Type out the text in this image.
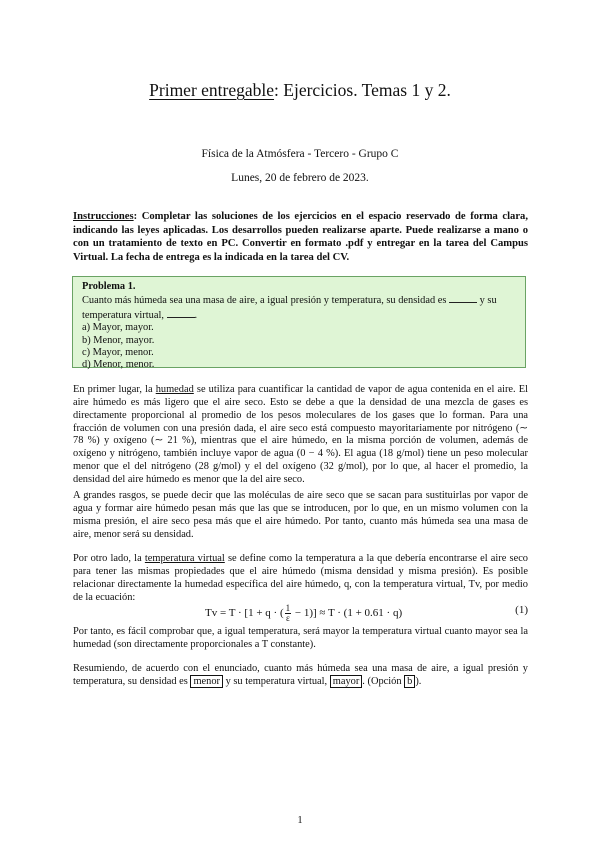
Primer entregable: Ejercicios. Temas 1 y 2.
Física de la Atmósfera - Tercero - Grupo C
Lunes, 20 de febrero de 2023.
Instrucciones: Completar las soluciones de los ejercicios en el espacio reservado de forma clara, indicando las leyes aplicadas. Los desarrollos pueden realizarse aparte. Puede realizarse a mano o con un tratamiento de texto en PC. Convertir en formato .pdf y entregar en la tarea del Campus Virtual. La fecha de entrega es la indicada en la tarea del CV.
Problema 1.
Cuanto más húmeda sea una masa de aire, a igual presión y temperatura, su densidad es	y su temperatura virtual,	.
a) Mayor, mayor.
b) Menor, mayor.
c) Mayor, menor.
d) Menor, menor.
En primer lugar, la humedad se utiliza para cuantificar la cantidad de vapor de agua contenida en el aire. El aire húmedo es más ligero que el aire seco. Esto se debe a que la densidad de una mezcla de gases es directamente proporcional al promedio de los pesos moleculares de los gases que lo forman. Para una fracción de volumen con una presión dada, el aire seco está compuesto mayoritariamente por nitrógeno (∼ 78 %) y oxígeno (∼ 21 %), mientras que el aire húmedo, en la misma porción de volumen, además de oxígeno y nitrógeno, también incluye vapor de agua (0 − 4 %). El agua (18 g/mol) tiene un peso molecular menor que el del nitrógeno (28 g/mol) y el del oxígeno (32 g/mol), por lo que, al hacer el promedio, la densidad del aire húmedo es menor que la del aire seco.
A grandes rasgos, se puede decir que las moléculas de aire seco que se sacan para sustituirlas por vapor de agua y formar aire húmedo pesan más que las que se introducen, por lo que, en un mismo volumen con la misma presión, el aire seco pesa más que el aire húmedo. Por tanto, cuanto más húmeda sea una masa de aire, menor será su densidad.
Por otro lado, la temperatura virtual se define como la temperatura a la que debería encontrarse el aire seco para tener las mismas propiedades que el aire húmedo (misma densidad y misma presión). Es posible relacionar directamente la humedad específica del aire húmedo, q, con la temperatura virtual, Tv, por medio de la ecuación:
Tv = T · [1 + q · ( $\frac{1}{\varepsilon} - 1)] \approx T \cdot (1 + 0.61 \cdot q)$	(1)
Por tanto, es fácil comprobar que, a igual temperatura, será mayor la temperatura virtual cuanto mayor sea la humedad (son directamente proporcionales a T constante).
Resumiendo, de acuerdo con el enunciado, cuanto más húmeda sea una masa de aire, a igual presión y temperatura, su densidad es menor y su temperatura virtual, mayor . (Opción b ).
1
